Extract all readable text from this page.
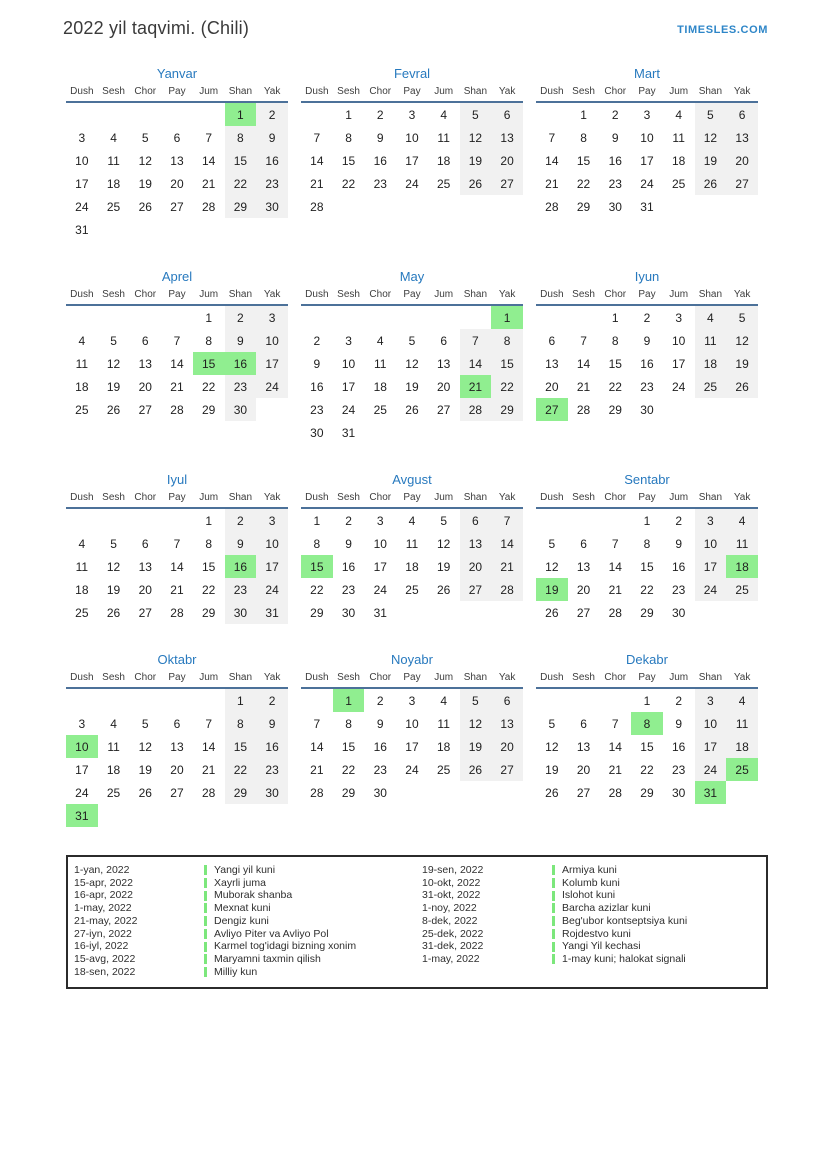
2022 yil taqvimi. (Chili)	TIMESLES.COM
Yanvar
Dush	Sesh	Chor	Pay	Jum	Shan	Yak
					1	2
3	4	5	6	7	8	9
10	11	12	13	14	15	16
17	18	19	20	21	22	23
24	25	26	27	28	29	30
31						
Fevral
Dush	Sesh	Chor	Pay	Jum	Shan	Yak
	1	2	3	4	5	6
7	8	9	10	11	12	13
14	15	16	17	18	19	20
21	22	23	24	25	26	27
28						
Mart
Dush	Sesh	Chor	Pay	Jum	Shan	Yak
	1	2	3	4	5	6
7	8	9	10	11	12	13
14	15	16	17	18	19	20
21	22	23	24	25	26	27
28	29	30	31			
Aprel
Dush	Sesh	Chor	Pay	Jum	Shan	Yak
				1	2	3
4	5	6	7	8	9	10
11	12	13	14	15	16	17
18	19	20	21	22	23	24
25	26	27	28	29	30	
May
Dush	Sesh	Chor	Pay	Jum	Shan	Yak
						1
2	3	4	5	6	7	8
9	10	11	12	13	14	15
16	17	18	19	20	21	22
23	24	25	26	27	28	29
30	31					
Iyun
Dush	Sesh	Chor	Pay	Jum	Shan	Yak
		1	2	3	4	5
6	7	8	9	10	11	12
13	14	15	16	17	18	19
20	21	22	23	24	25	26
27	28	29	30			
Iyul
Dush	Sesh	Chor	Pay	Jum	Shan	Yak
				1	2	3
4	5	6	7	8	9	10
11	12	13	14	15	16	17
18	19	20	21	22	23	24
25	26	27	28	29	30	31
Avgust
Dush	Sesh	Chor	Pay	Jum	Shan	Yak
1	2	3	4	5	6	7
8	9	10	11	12	13	14
15	16	17	18	19	20	21
22	23	24	25	26	27	28
29	30	31				
Sentabr
Dush	Sesh	Chor	Pay	Jum	Shan	Yak
			1	2	3	4
5	6	7	8	9	10	11
12	13	14	15	16	17	18
19	20	21	22	23	24	25
26	27	28	29	30		
Oktabr
Dush	Sesh	Chor	Pay	Jum	Shan	Yak
					1	2
3	4	5	6	7	8	9
10	11	12	13	14	15	16
17	18	19	20	21	22	23
24	25	26	27	28	29	30
31						
Noyabr
Dush	Sesh	Chor	Pay	Jum	Shan	Yak
	1	2	3	4	5	6
7	8	9	10	11	12	13
14	15	16	17	18	19	20
21	22	23	24	25	26	27
28	29	30				
Dekabr
Dush	Sesh	Chor	Pay	Jum	Shan	Yak
			1	2	3	4
5	6	7	8	9	10	11
12	13	14	15	16	17	18
19	20	21	22	23	24	25
26	27	28	29	30	31	
1-yan, 2022	Yangi yil kuni
15-apr, 2022	Xayrli juma
16-apr, 2022	Muborak shanba
1-may, 2022	Mexnat kuni
21-may, 2022	Dengiz kuni
27-iyn, 2022	Avliyo Piter va Avliyo Pol
16-iyl, 2022	Karmel tog'idagi bizning xonim
15-avg, 2022	Maryamni taxmin qilish
18-sen, 2022	Milliy kun
19-sen, 2022	Armiya kuni
10-okt, 2022	Kolumb kuni
31-okt, 2022	Islohot kuni
1-noy, 2022	Barcha azizlar kuni
8-dek, 2022	Beg'ubor kontseptsiya kuni
25-dek, 2022	Rojdestvo kuni
31-dek, 2022	Yangi Yil kechasi
1-may, 2022	1-may kuni; halokat signali
